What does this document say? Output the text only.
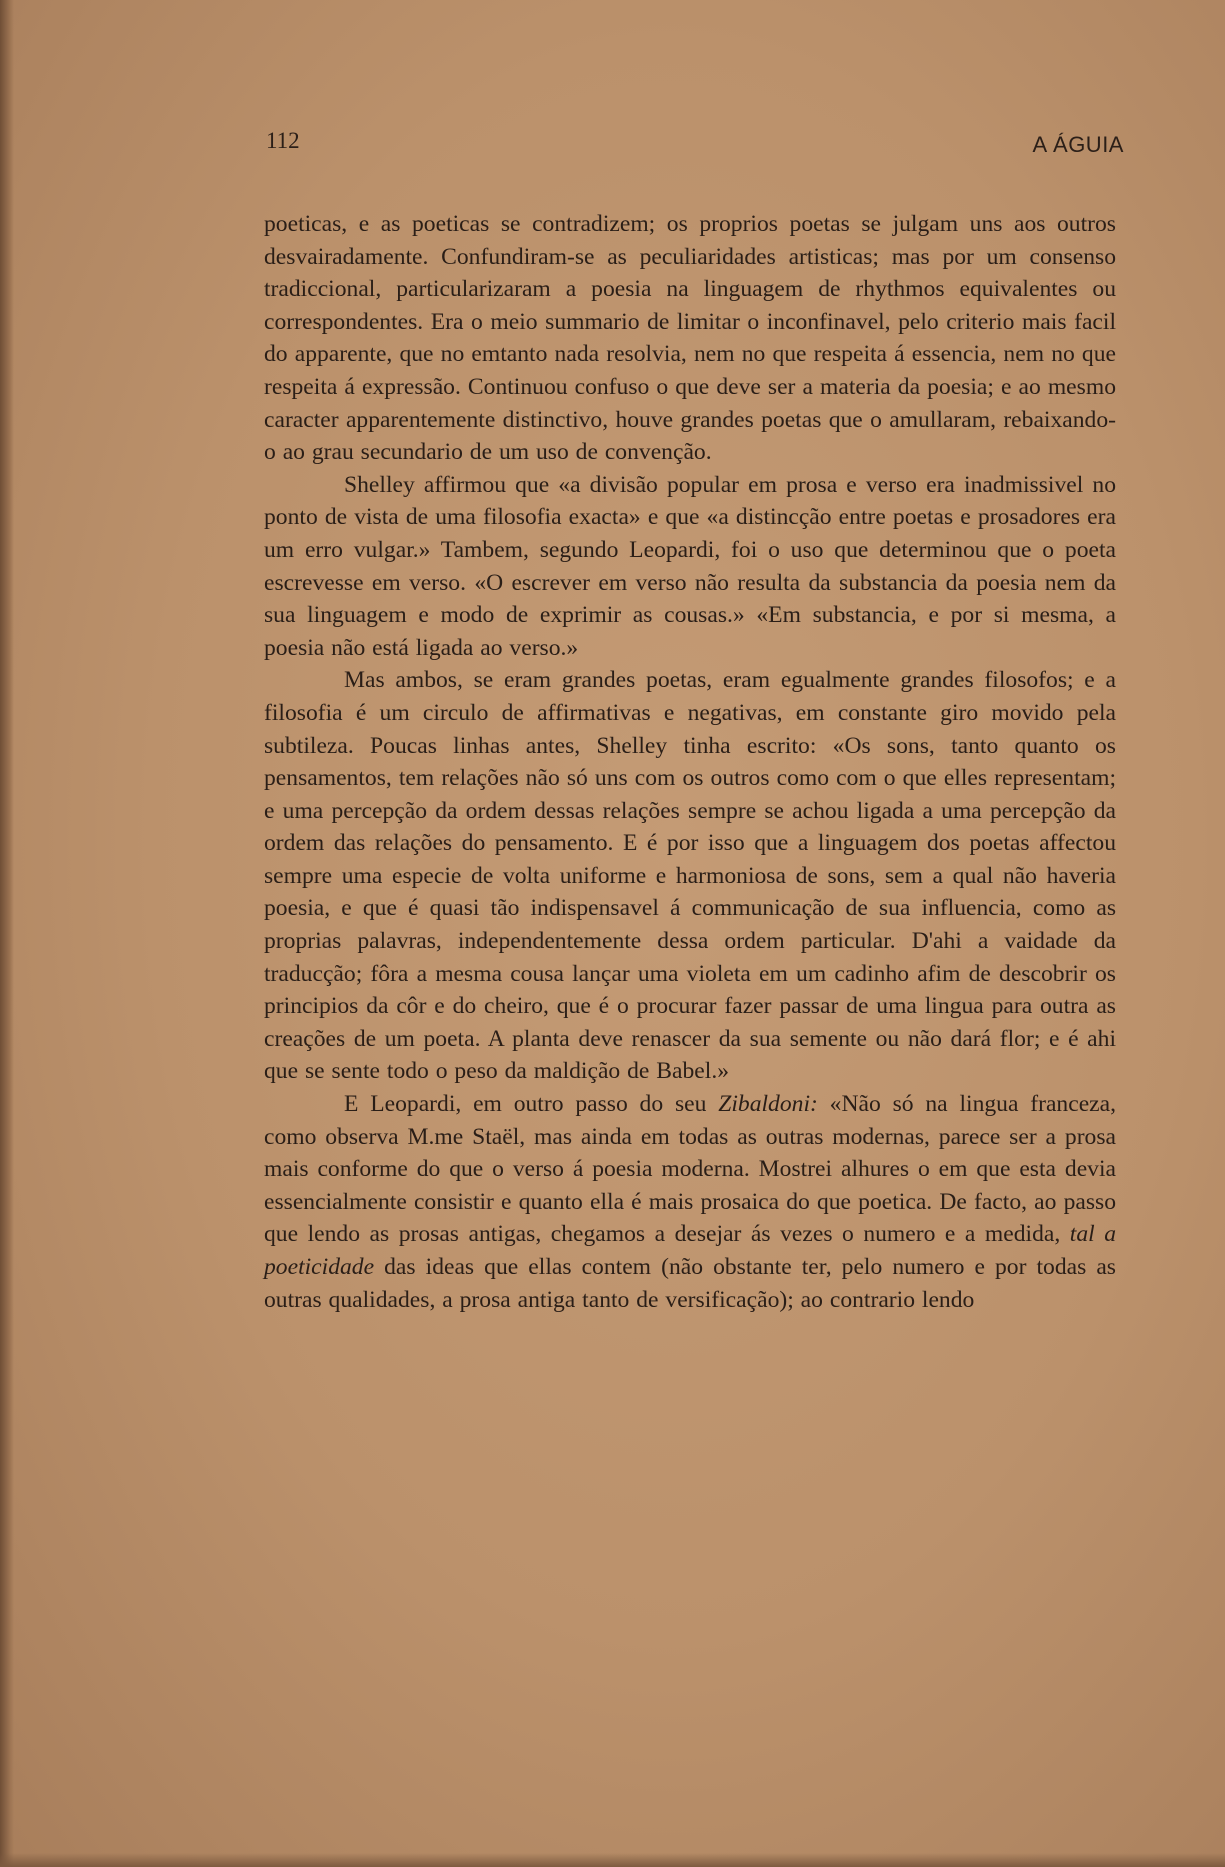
112	A ÁGUIA

poeticas, e as poeticas se contradizem; os proprios poetas se julgam uns aos outros desvairadamente. Confundiram-se as peculiaridades artisticas; mas por um consenso tradiccional, particularizaram a poesia na linguagem de rhythmos equivalentes ou correspondentes. Era o meio summario de limitar o inconfinavel, pelo criterio mais facil do apparente, que no emtanto nada resolvia, nem no que respeita á essencia, nem no que respeita á expressão. Continuou confuso o que deve ser a materia da poesia; e ao mesmo caracter apparentemente distinctivo, houve grandes poetas que o amullaram, rebaixando-o ao grau secundario de um uso de convenção.

Shelley affirmou que «a divisão popular em prosa e verso era inadmissivel no ponto de vista de uma filosofia exacta» e que «a distincção entre poetas e prosadores era um erro vulgar.» Tambem, segundo Leopardi, foi o uso que determinou que o poeta escrevesse em verso. «O escrever em verso não resulta da substancia da poesia nem da sua linguagem e modo de exprimir as cousas.» «Em substancia, e por si mesma, a poesia não está ligada ao verso.»

Mas ambos, se eram grandes poetas, eram egualmente grandes filosofos; e a filosofia é um circulo de affirmativas e negativas, em constante giro movido pela subtileza. Poucas linhas antes, Shelley tinha escrito: «Os sons, tanto quanto os pensamentos, tem relações não só uns com os outros como com o que elles representam; e uma percepção da ordem dessas relações sempre se achou ligada a uma percepção da ordem das relações do pensamento. E é por isso que a linguagem dos poetas affectou sempre uma especie de volta uniforme e harmoniosa de sons, sem a qual não haveria poesia, e que é quasi tão indispensavel á communicação de sua influencia, como as proprias palavras, independentemente dessa ordem particular. D'ahi a vaidade da traducção; fôra a mesma cousa lançar uma violeta em um cadinho afim de descobrir os principios da côr e do cheiro, que é o procurar fazer passar de uma lingua para outra as creações de um poeta. A planta deve renascer da sua semente ou não dará flor; e é ahi que se sente todo o peso da maldição de Babel.»

E Leopardi, em outro passo do seu Zibaldoni: «Não só na lingua franceza, como observa M.me Staël, mas ainda em todas as outras modernas, parece ser a prosa mais conforme do que o verso á poesia moderna. Mostrei alhures o em que esta devia essencialmente consistir e quanto ella é mais prosaica do que poetica. De facto, ao passo que lendo as prosas antigas, chegamos a desejar ás vezes o numero e a medida, tal a poeticidade das ideas que ellas contem (não obstante ter, pelo numero e por todas as outras qualidades, a prosa antiga tanto de versificação); ao contrario lendo
